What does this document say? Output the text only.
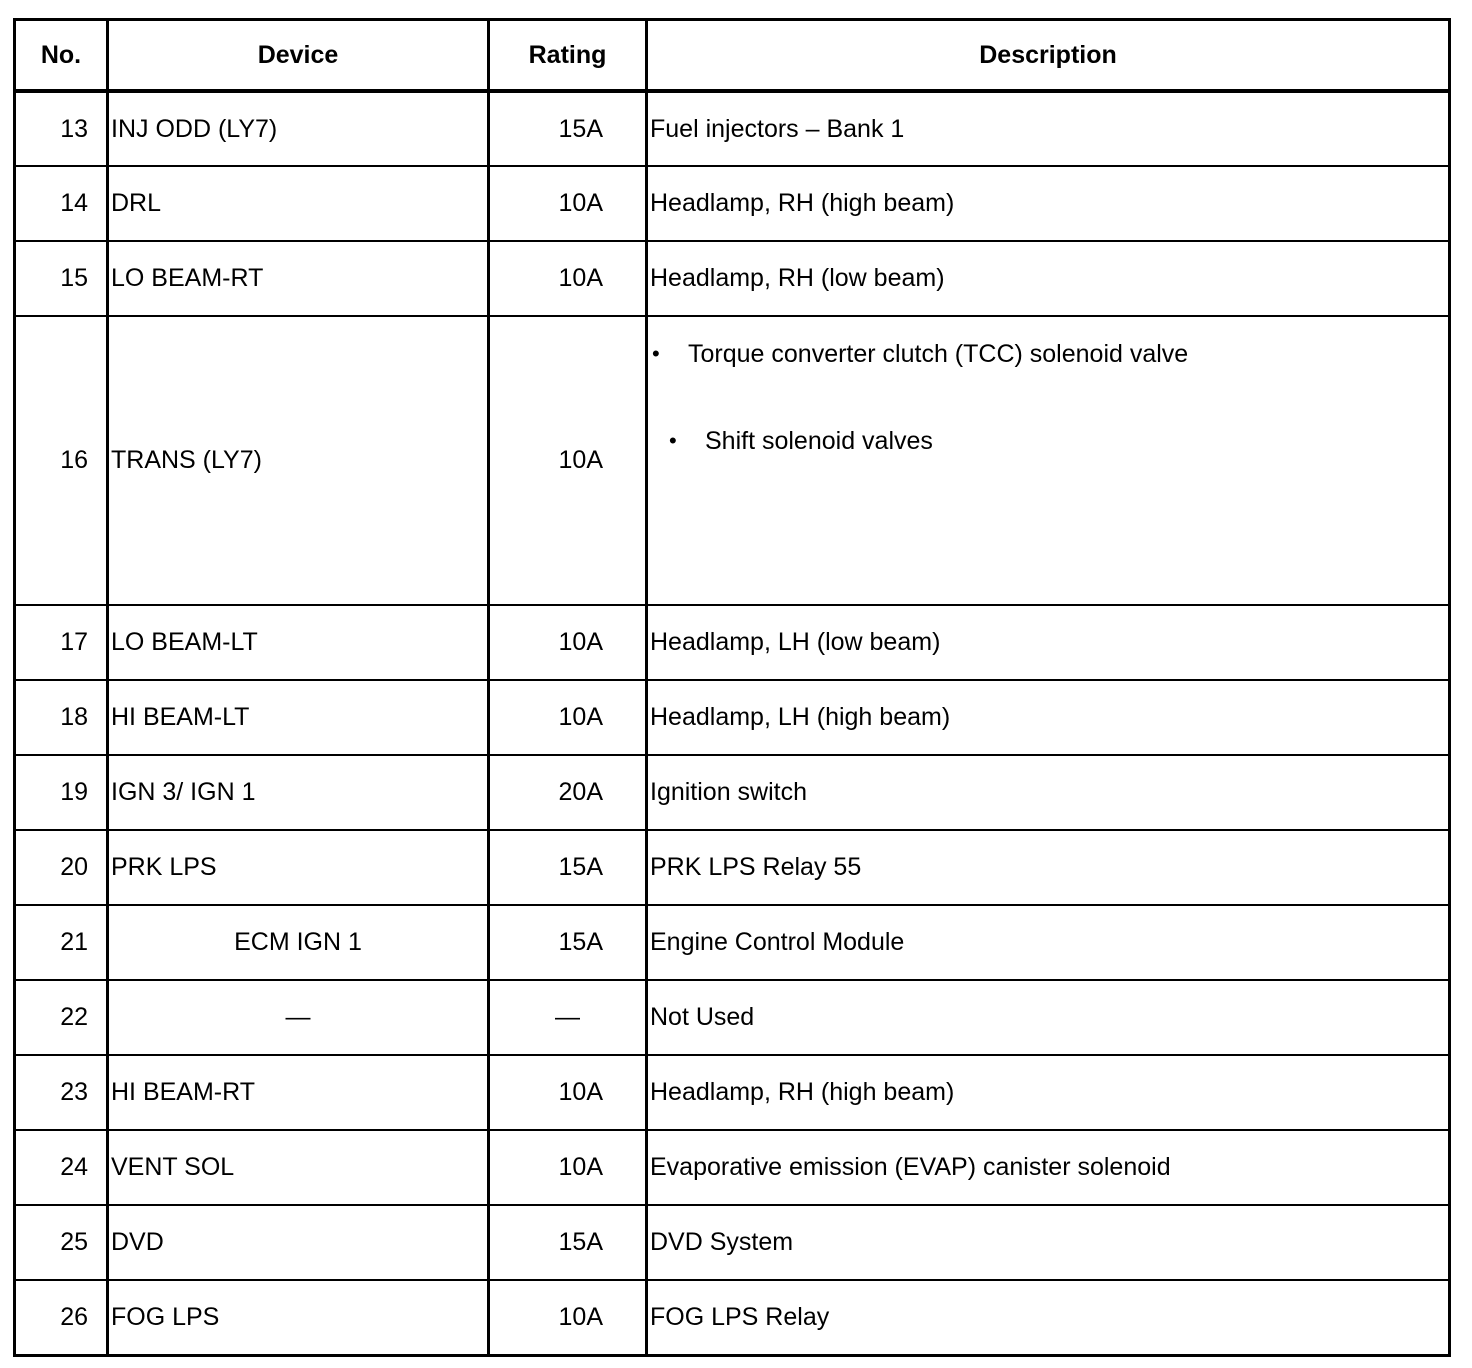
No.	Device	Rating	Description
13	INJ ODD (LY7)	15A	Fuel injectors – Bank 1
14	DRL	10A	Headlamp, RH (high beam)
15	LO BEAM-RT	10A	Headlamp, RH (low beam)
16	TRANS (LY7)	10A	• Torque converter clutch (TCC) solenoid valve
• Shift solenoid valves

17	LO BEAM-LT	10A	Headlamp, LH (low beam)
18	HI BEAM-LT	10A	Headlamp, LH (high beam)
19	IGN 3/ IGN 1	20A	Ignition switch
20	PRK LPS	15A	PRK LPS Relay 55
21	ECM IGN 1	15A	Engine Control Module
22	—	—	Not Used
23	HI BEAM-RT	10A	Headlamp, RH (high beam)
24	VENT SOL	10A	Evaporative emission (EVAP) canister solenoid
25	DVD	15A	DVD System
26	FOG LPS	10A	FOG LPS Relay
